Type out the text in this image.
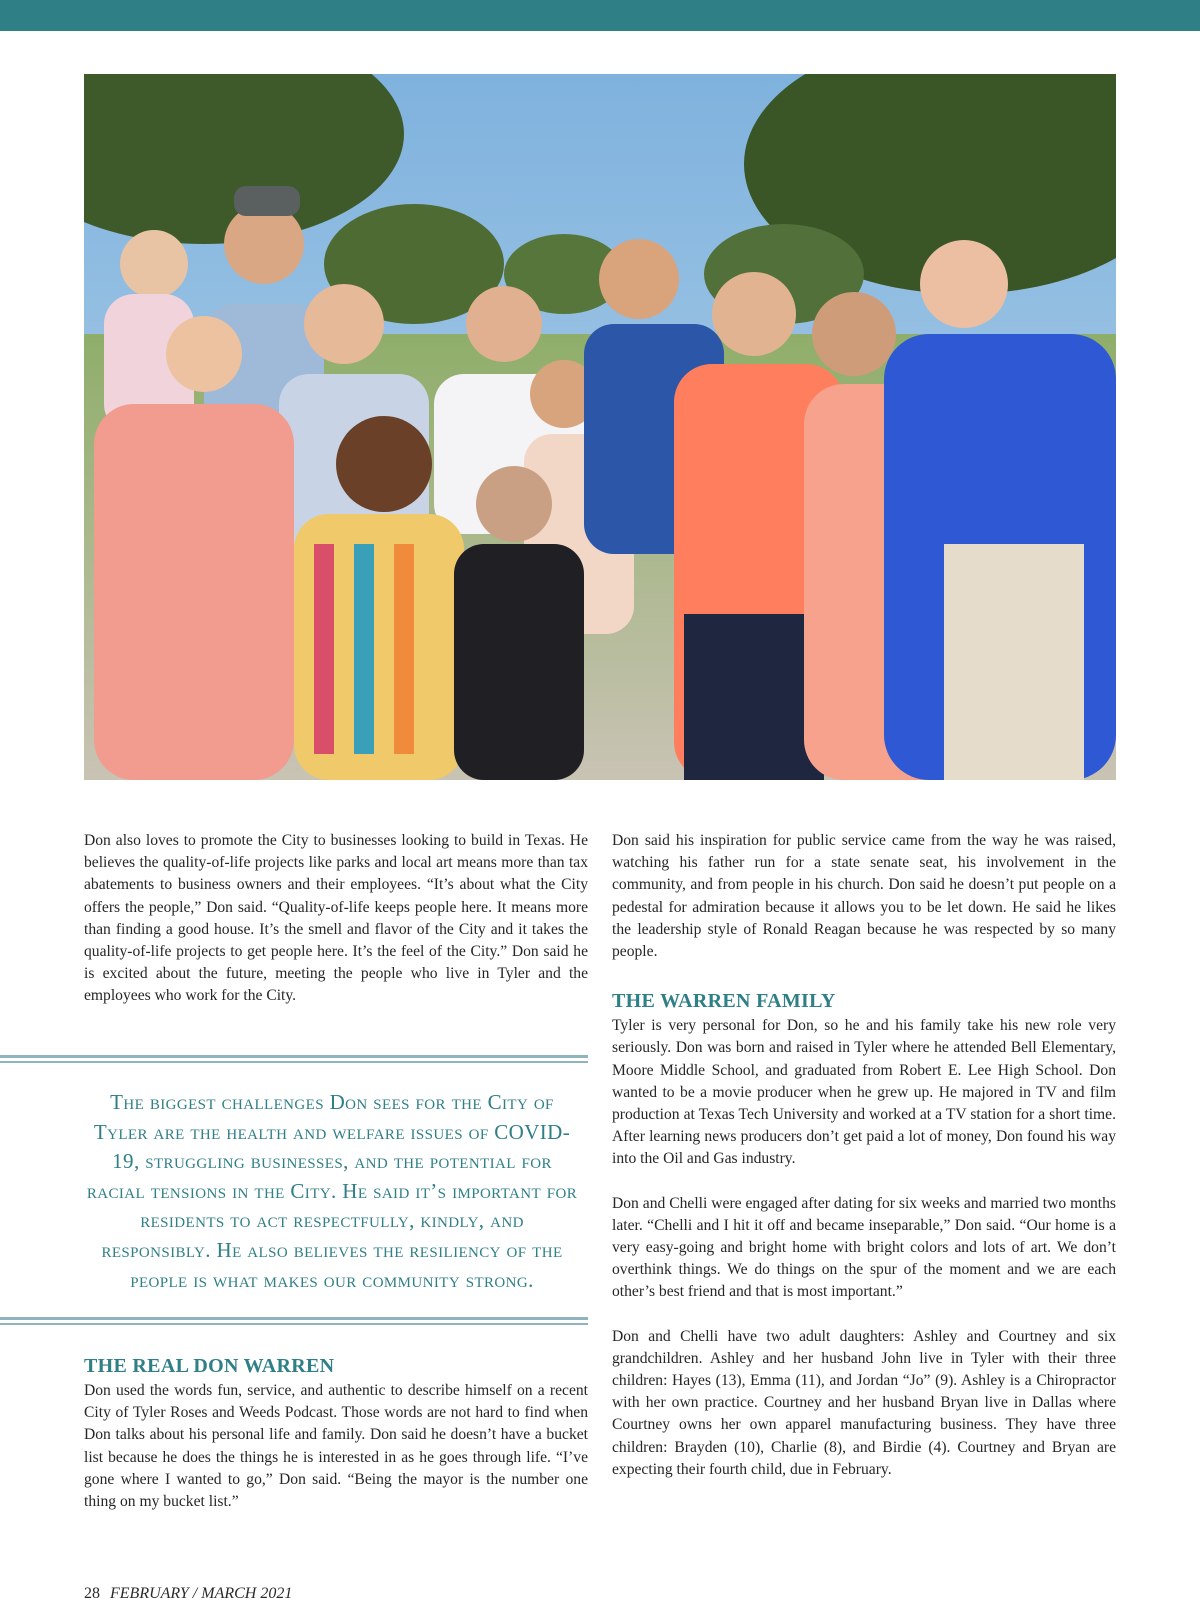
Don also loves to promote the City to businesses looking to build in Texas. He believes the quality-of-life projects like parks and local art means more than tax abatements to business owners and their employees. “It’s about what the City offers the people,” Don said. “Quality-of-life keeps people here. It means more than finding a good house. It’s the smell and flavor of the City and it takes the quality-of-life projects to get people here. It’s the feel of the City.” Don said he is excited about the future, meeting the people who live in Tyler and the employees who work for the City.

The biggest challenges Don sees for the City of Tyler are the health and welfare issues of COVID-19, struggling businesses, and the potential for racial tensions in the City. He said it’s important for residents to act respectfully, kindly, and responsibly. He also believes the resiliency of the people is what makes our community strong.
THE REAL DON WARREN

Don used the words fun, service, and authentic to describe himself on a recent City of Tyler Roses and Weeds Podcast. Those words are not hard to find when Don talks about his personal life and family. Don said he doesn’t have a bucket list because he does the things he is interested in as he goes through life. “I’ve gone where I wanted to go,” Don said. “Being the mayor is the number one thing on my bucket list.”

Don said his inspiration for public service came from the way he was raised, watching his father run for a state senate seat, his involvement in the community, and from people in his church. Don said he doesn’t put people on a pedestal for admiration because it allows you to be let down. He said he likes the leadership style of Ronald Reagan because he was respected by so many people.

THE WARREN FAMILY

Tyler is very personal for Don, so he and his family take his new role very seriously. Don was born and raised in Tyler where he attended Bell Elementary, Moore Middle School, and graduated from Robert E. Lee High School. Don wanted to be a movie producer when he grew up. He majored in TV and film production at Texas Tech University and worked at a TV station for a short time. After learning news producers don’t get paid a lot of money, Don found his way into the Oil and Gas industry.

Don and Chelli were engaged after dating for six weeks and married two months later. “Chelli and I hit it off and became inseparable,” Don said. “Our home is a very easy-going and bright home with bright colors and lots of art. We don’t overthink things. We do things on the spur of the moment and we are each other’s best friend and that is most important.”

Don and Chelli have two adult daughters: Ashley and Courtney and six grandchildren. Ashley and her husband John live in Tyler with their three children: Hayes (13), Emma (11), and Jordan “Jo” (9). Ashley is a Chiropractor with her own practice. Courtney and her husband Bryan live in Dallas where Courtney owns her own apparel manufacturing business. They have three children: Brayden (10), Charlie (8), and Birdie (4). Courtney and Bryan are expecting their fourth child, due in February.

28 FEBRUARY / MARCH 2021
